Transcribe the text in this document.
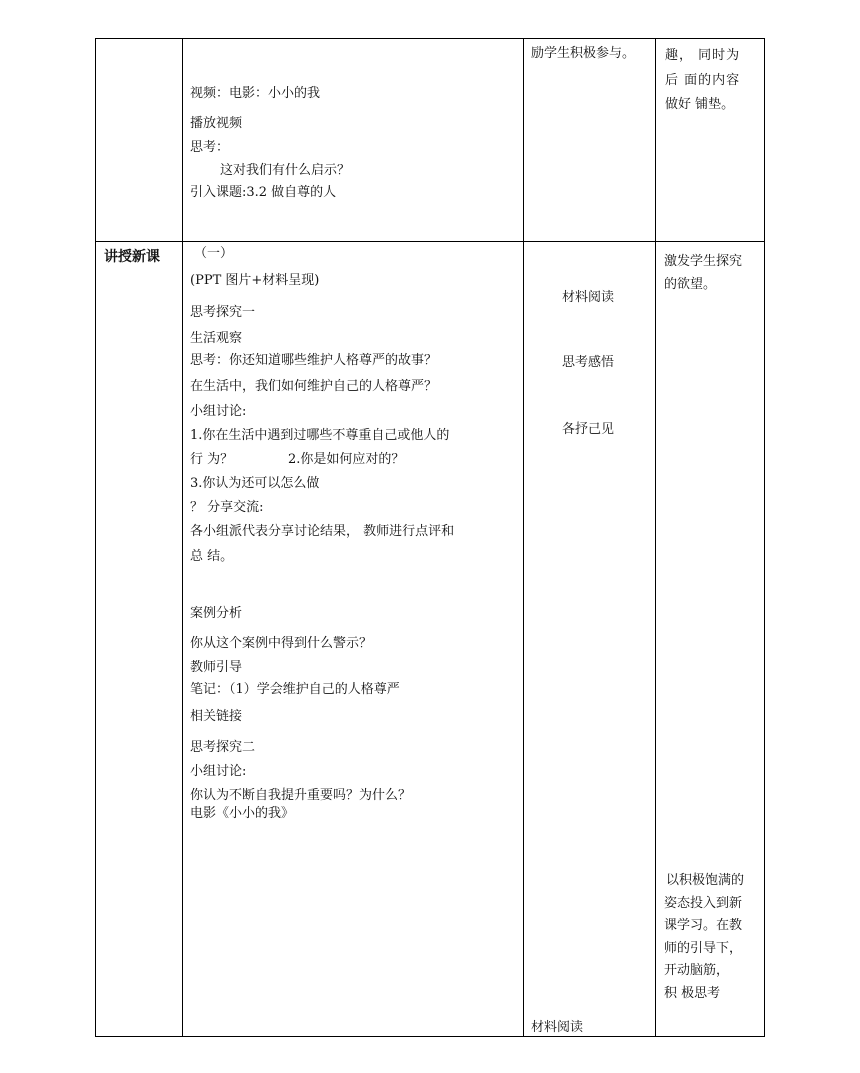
视频：电影：小小的我
播放视频
思考：
这对我们有什么启示？
引入课题:3.2 做自尊的人
励学生积极参与。 趣， 同时为
后 面的内容
做好 铺垫。
讲授新课	（一）
(PPT 图片+材料呈现)
思考探究一
生活观察
思考：你还知道哪些维护人格尊严的故事？
在生活中，我们如何维护自己的人格尊严？
小组讨论:
1.你在生活中遇到过哪些不尊重自己或他人的
行 为？	2.你是如何应对的？
3.你认为还可以怎么做
？ 分享交流:
各小组派代表分享讨论结果， 教师进行点评和
总 结。
案例分析
你从这个案例中得到什么警示？
教师引导
笔记：（1）学会维护自己的人格尊严
相关链接
思考探究二
小组讨论:
你认为不断自我提升重要吗？为什么？
电影《小小的我》
材料阅读
思考感悟
各抒己见
材料阅读
激发学生探究
的欲望。
以积极饱满的
姿态投入到新
课学习。在教
师的引导下，
开动脑筋，
积 极思考
